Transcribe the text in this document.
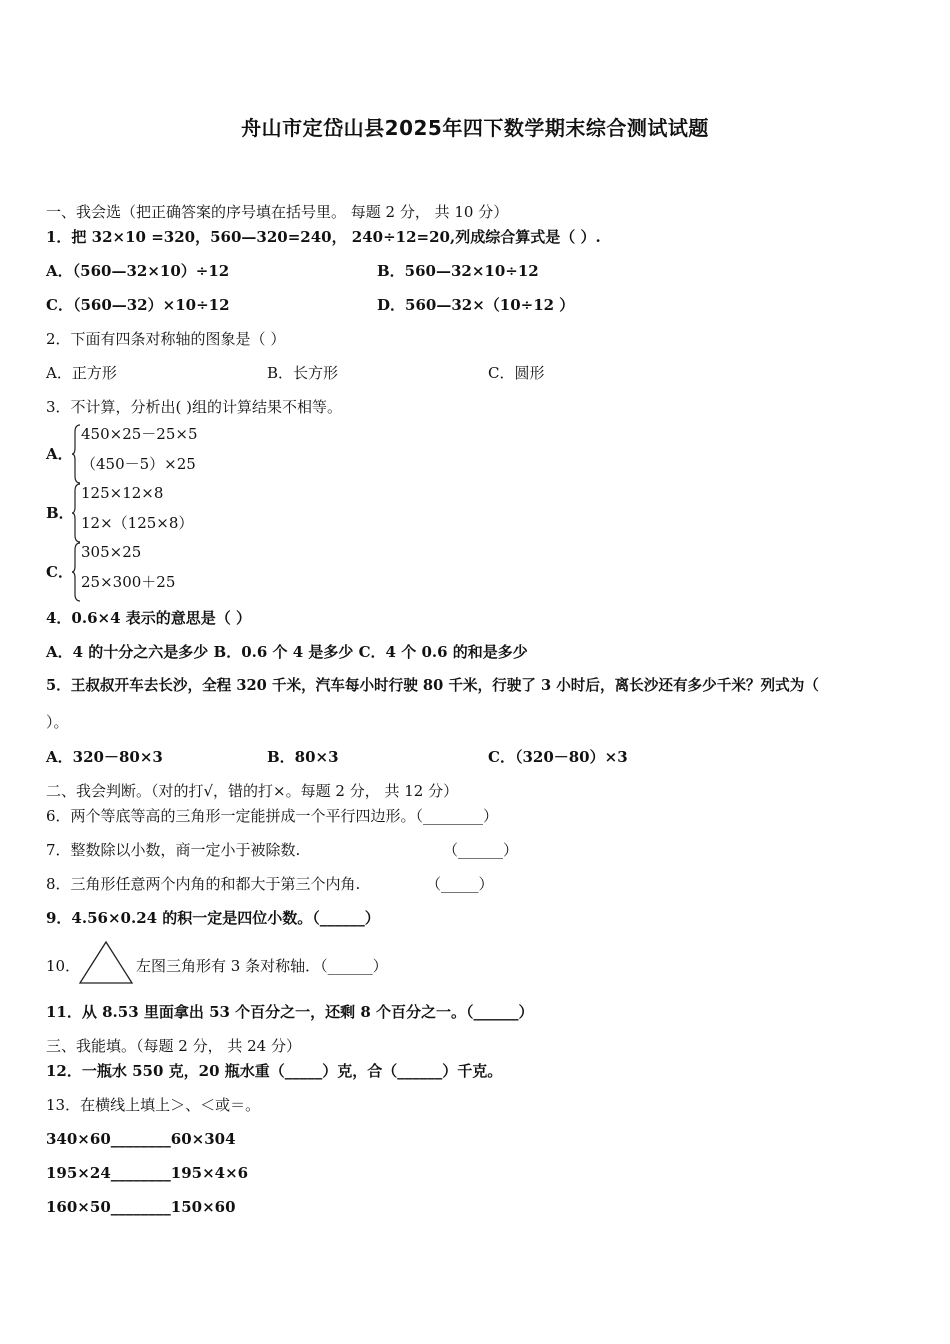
舟山市定岱山县2025年四下数学期末综合测试试题
一、我会选（把正确答案的序号填在括号里。 每题 2 分， 共 10 分）
1．把 32×10 =320，560—320=240， 240÷12=20,列成综合算式是（ ）.
A．（560—32×10）÷12	B．560—32×10÷12
C．（560—32）×10÷12	D．560—32×（10÷12 ）
2．下面有四条对称轴的图象是（ ）
A．正方形	B．长方形	C．圆形
3．不计算，分析出( )组的计算结果不相等。
A．
450×25－25×5
（450－5）×25
B．
125×12×8
12×（125×8）
C．
305×25
25×300＋25
4．0.6×4 表示的意思是（ ）
A．4 的十分之六是多少 B．0.6 个 4 是多少 C．4 个 0.6 的和是多少
5．王叔叔开车去长沙，全程 320 千米，汽车每小时行驶 80 千米，行驶了 3 小时后，离长沙还有多少千米？列式为（
）。
A．320－80×3	B．80×3	C．（320－80）×3
二、我会判断。（对的打√，错的打×。每题 2 分， 共 12 分）
6．两个等底等高的三角形一定能拼成一个平行四边形。（________）
7．整数除以小数，商一定小于被除数.	（______）
8．三角形任意两个内角的和都大于第三个内角.	（_____）
9．4.56×0.24 的积一定是四位小数。（______）
10．	左图三角形有 3 条对称轴．（______）
11．从 8.53 里面拿出 53 个百分之一，还剩 8 个百分之一。（______）
三、我能填。（每题 2 分， 共 24 分）
12．一瓶水 550 克，20 瓶水重（_____）克，合（______）千克。
13．在横线上填上＞、＜或＝。
340×60________60×304
195×24________195×4×6
160×50________150×60
